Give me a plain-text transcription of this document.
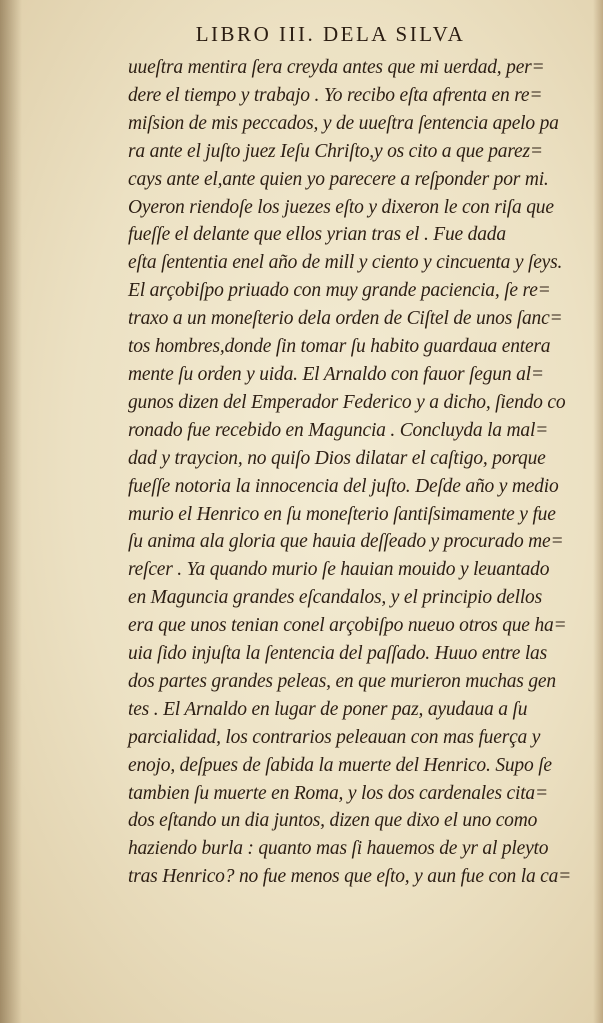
LIBRO III. DELA SILVA
uueſtra mentira ſera creyda antes que mi uerdad, per=
dere el tiempo y trabajo . Yo recibo eſta afrenta en re=
miſsion de mis peccados, y de uueſtra ſentencia apelo pa
ra ante el juſto juez Ieſu Chriſto,y os cito a que parez=
cays ante el,ante quien yo parecere a reſponder por mi.
Oyeron riendoſe los juezes eſto y dixeron le con riſa que
fueſſe el delante que ellos yrian tras el . Fue dada
eſta ſententia enel año de mill y ciento y cincuenta y ſeys.
El arçobiſpo priuado con muy grande paciencia, ſe re=
traxo a un moneſterio dela orden de Ciſtel de unos ſanc=
tos hombres,donde ſin tomar ſu habito guardaua entera
mente ſu orden y uida. El Arnaldo con fauor ſegun al=
gunos dizen del Emperador Federico y a dicho, ſiendo co
ronado fue recebido en Maguncia . Concluyda la mal=
dad y traycion, no quiſo Dios dilatar el caſtigo, porque
fueſſe notoria la innocencia del juſto. Deſde año y medio
murio el Henrico en ſu moneſterio ſantiſsimamente y fue
ſu anima ala gloria que hauia deſſeado y procurado me=
reſcer . Ya quando murio ſe hauian mouido y leuantado
en Maguncia grandes eſcandalos, y el principio dellos
era que unos tenian conel arçobiſpo nueuo otros que ha=
uia ſido injuſta la ſentencia del paſſado. Huuo entre las
dos partes grandes peleas, en que murieron muchas gen
tes . El Arnaldo en lugar de poner paz, ayudaua a ſu
parcialidad, los contrarios peleauan con mas fuerça y
enojo, deſpues de ſabida la muerte del Henrico. Supo ſe
tambien ſu muerte en Roma, y los dos cardenales cita=
dos eſtando un dia juntos, dizen que dixo el uno como
haziendo burla : quanto mas ſi hauemos de yr al pleyto
tras Henrico? no fue menos que eſto, y aun fue con la ca=
